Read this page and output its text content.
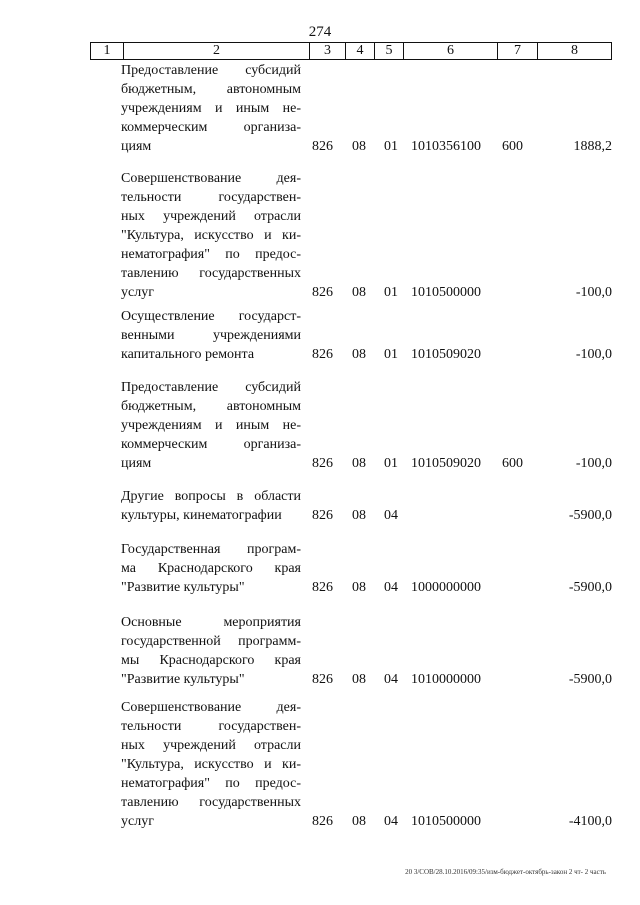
274
1	2	3	4	5	6	7	8
Предоставление субсидий
бюджетным, автономным
учреждениям и иным не-
коммерческим организа-
циям	826 08 01 1010356100 600	1888,2
Совершенствование дея-
тельности государствен-
ных учреждений отрасли
"Культура, искусство и ки-
нематография" по предос-
тавлению государственных
услуг	826 08 01 1010500000	-100,0
Осуществление государст-
венными учреждениями
капитального ремонта	826 08 01 1010509020	-100,0
Предоставление субсидий
бюджетным, автономным
учреждениям и иным не-
коммерческим организа-
циям	826 08 01 1010509020 600	-100,0
Другие вопросы в области
культуры, кинематографии	826 08 04	-5900,0
Государственная програм-
ма Краснодарского края
"Развитие культуры"	826 08 04 1000000000	-5900,0
Основные мероприятия
государственной программ-
мы Краснодарского края
"Развитие культуры"	826 08 04 1010000000	-5900,0
Совершенствование дея-
тельности государствен-
ных учреждений отрасли
"Культура, искусство и ки-
нематография" по предос-
тавлению государственных
услуг	826 08 04 1010500000	-4100,0
20 3/СОВ/28.10.2016/09:35/изм-бюджет-октябрь-закон 2 чт- 2 часть
